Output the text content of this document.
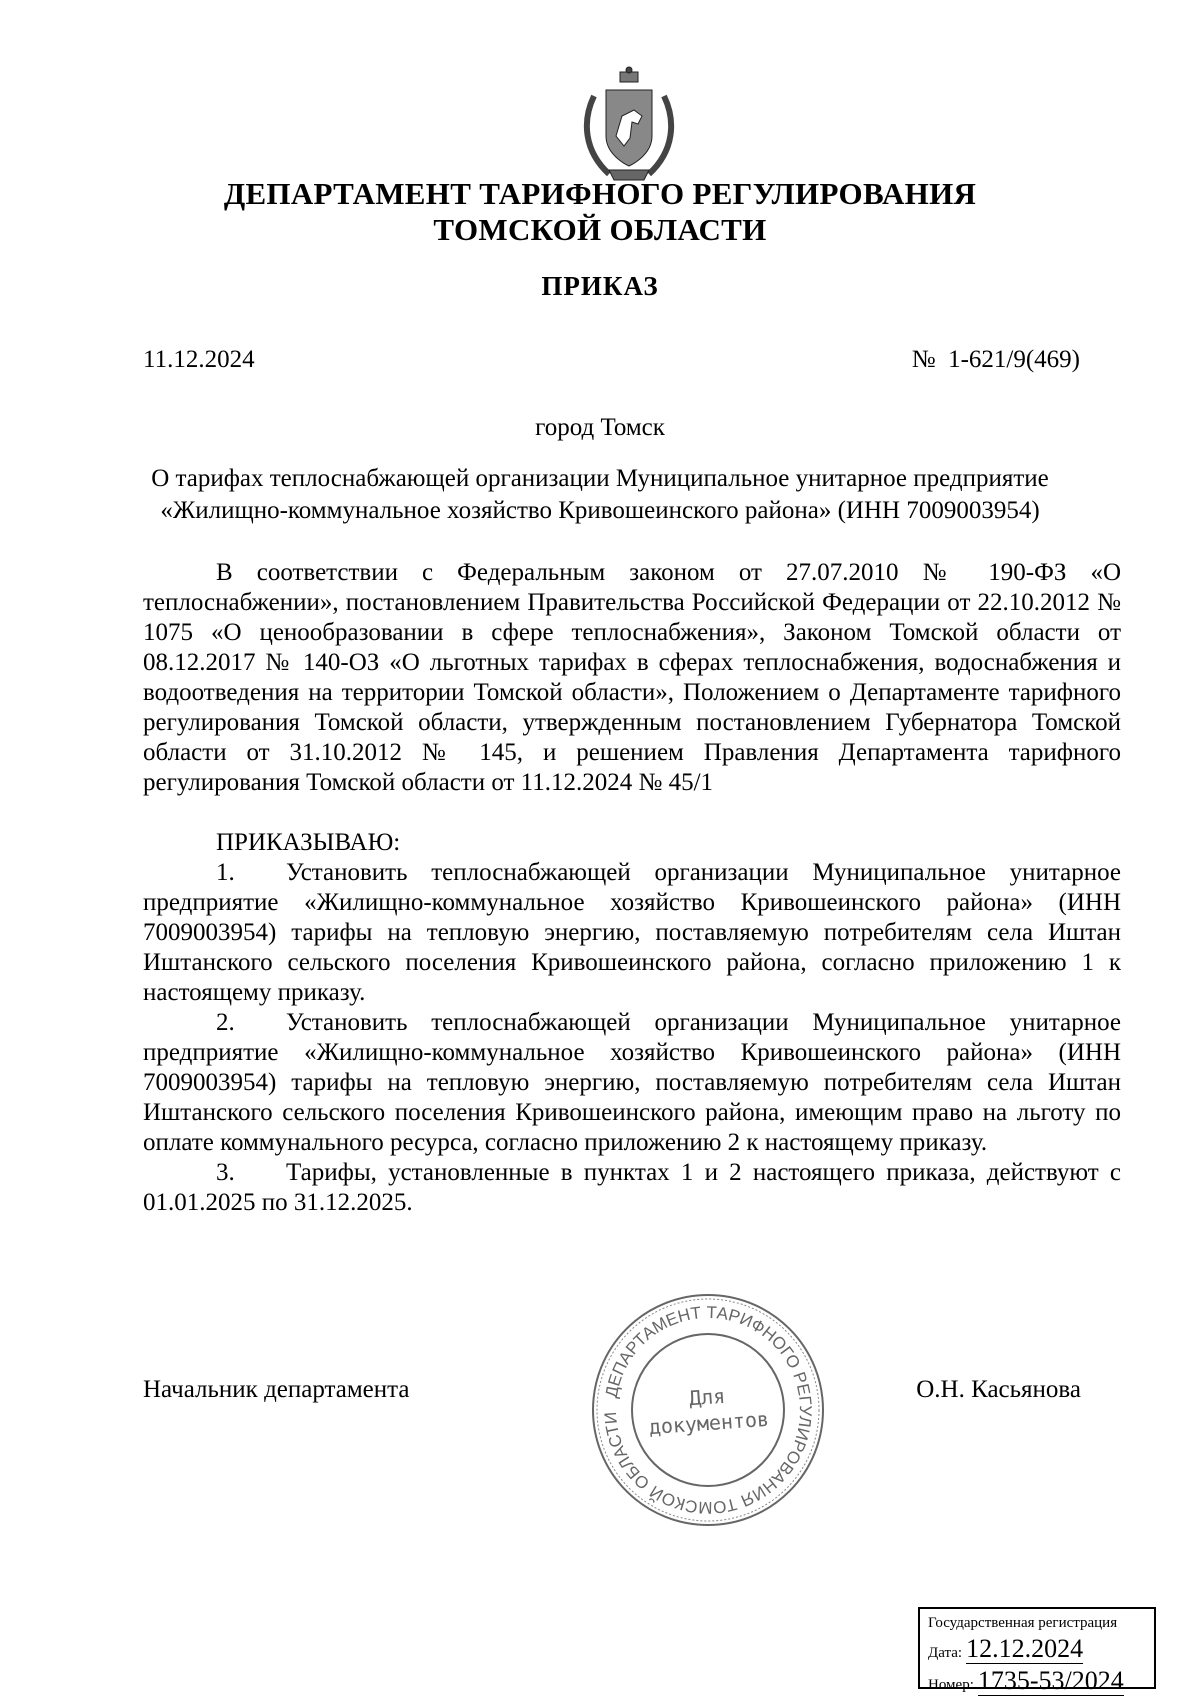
ДЕПАРТАМЕНТ ТАРИФНОГО РЕГУЛИРОВАНИЯ
ТОМСКОЙ ОБЛАСТИ
ПРИКАЗ
11.12.2024	№  1-621/9(469)
город Томск
О тарифах теплоснабжающей организации Муниципальное унитарное предприятие
«Жилищно-коммунальное хозяйство Кривошеинского района» (ИНН 7009003954)

В соответствии с Федеральным законом от 27.07.2010 № 190-ФЗ «О теплоснабжении», постановлением Правительства Российской Федерации от 22.10.2012 № 1075 «О ценообразовании в сфере теплоснабжения», Законом Томской области от 08.12.2017 № 140-ОЗ «О льготных тарифах в сферах теплоснабжения, водоснабжения и водоотведения на территории Томской области», Положением о Департаменте тарифного регулирования Томской области, утвержденным постановлением Губернатора Томской области от 31.10.2012 № 145, и решением Правления Департамента тарифного регулирования Томской области от 11.12.2024 № 45/1

ПРИКАЗЫВАЮ:

1. Установить теплоснабжающей организации Муниципальное унитарное предприятие «Жилищно-коммунальное хозяйство Кривошеинского района» (ИНН 7009003954) тарифы на тепловую энергию, поставляемую потребителям села Иштан Иштанского сельского поселения Кривошеинского района, согласно приложению 1 к настоящему приказу.

2. Установить теплоснабжающей организации Муниципальное унитарное предприятие «Жилищно-коммунальное хозяйство Кривошеинского района» (ИНН 7009003954) тарифы на тепловую энергию, поставляемую потребителям села Иштан Иштанского сельского поселения Кривошеинского района, имеющим право на льготу по оплате коммунального ресурса, согласно приложению 2 к настоящему приказу.

3. Тарифы, установленные в пунктах 1 и 2 настоящего приказа, действуют с 01.01.2025 по 31.12.2025.

Начальник департамента	О.Н. Касьянова
ДЕПАРТАМЕНТ ТАРИФНОГО РЕГУЛИРОВАНИЯ ТОМСКОЙ ОБЛАСТИ
Для
документов
Государственная регистрация
Дата: 12.12.2024
Номер: 1735-53/2024
